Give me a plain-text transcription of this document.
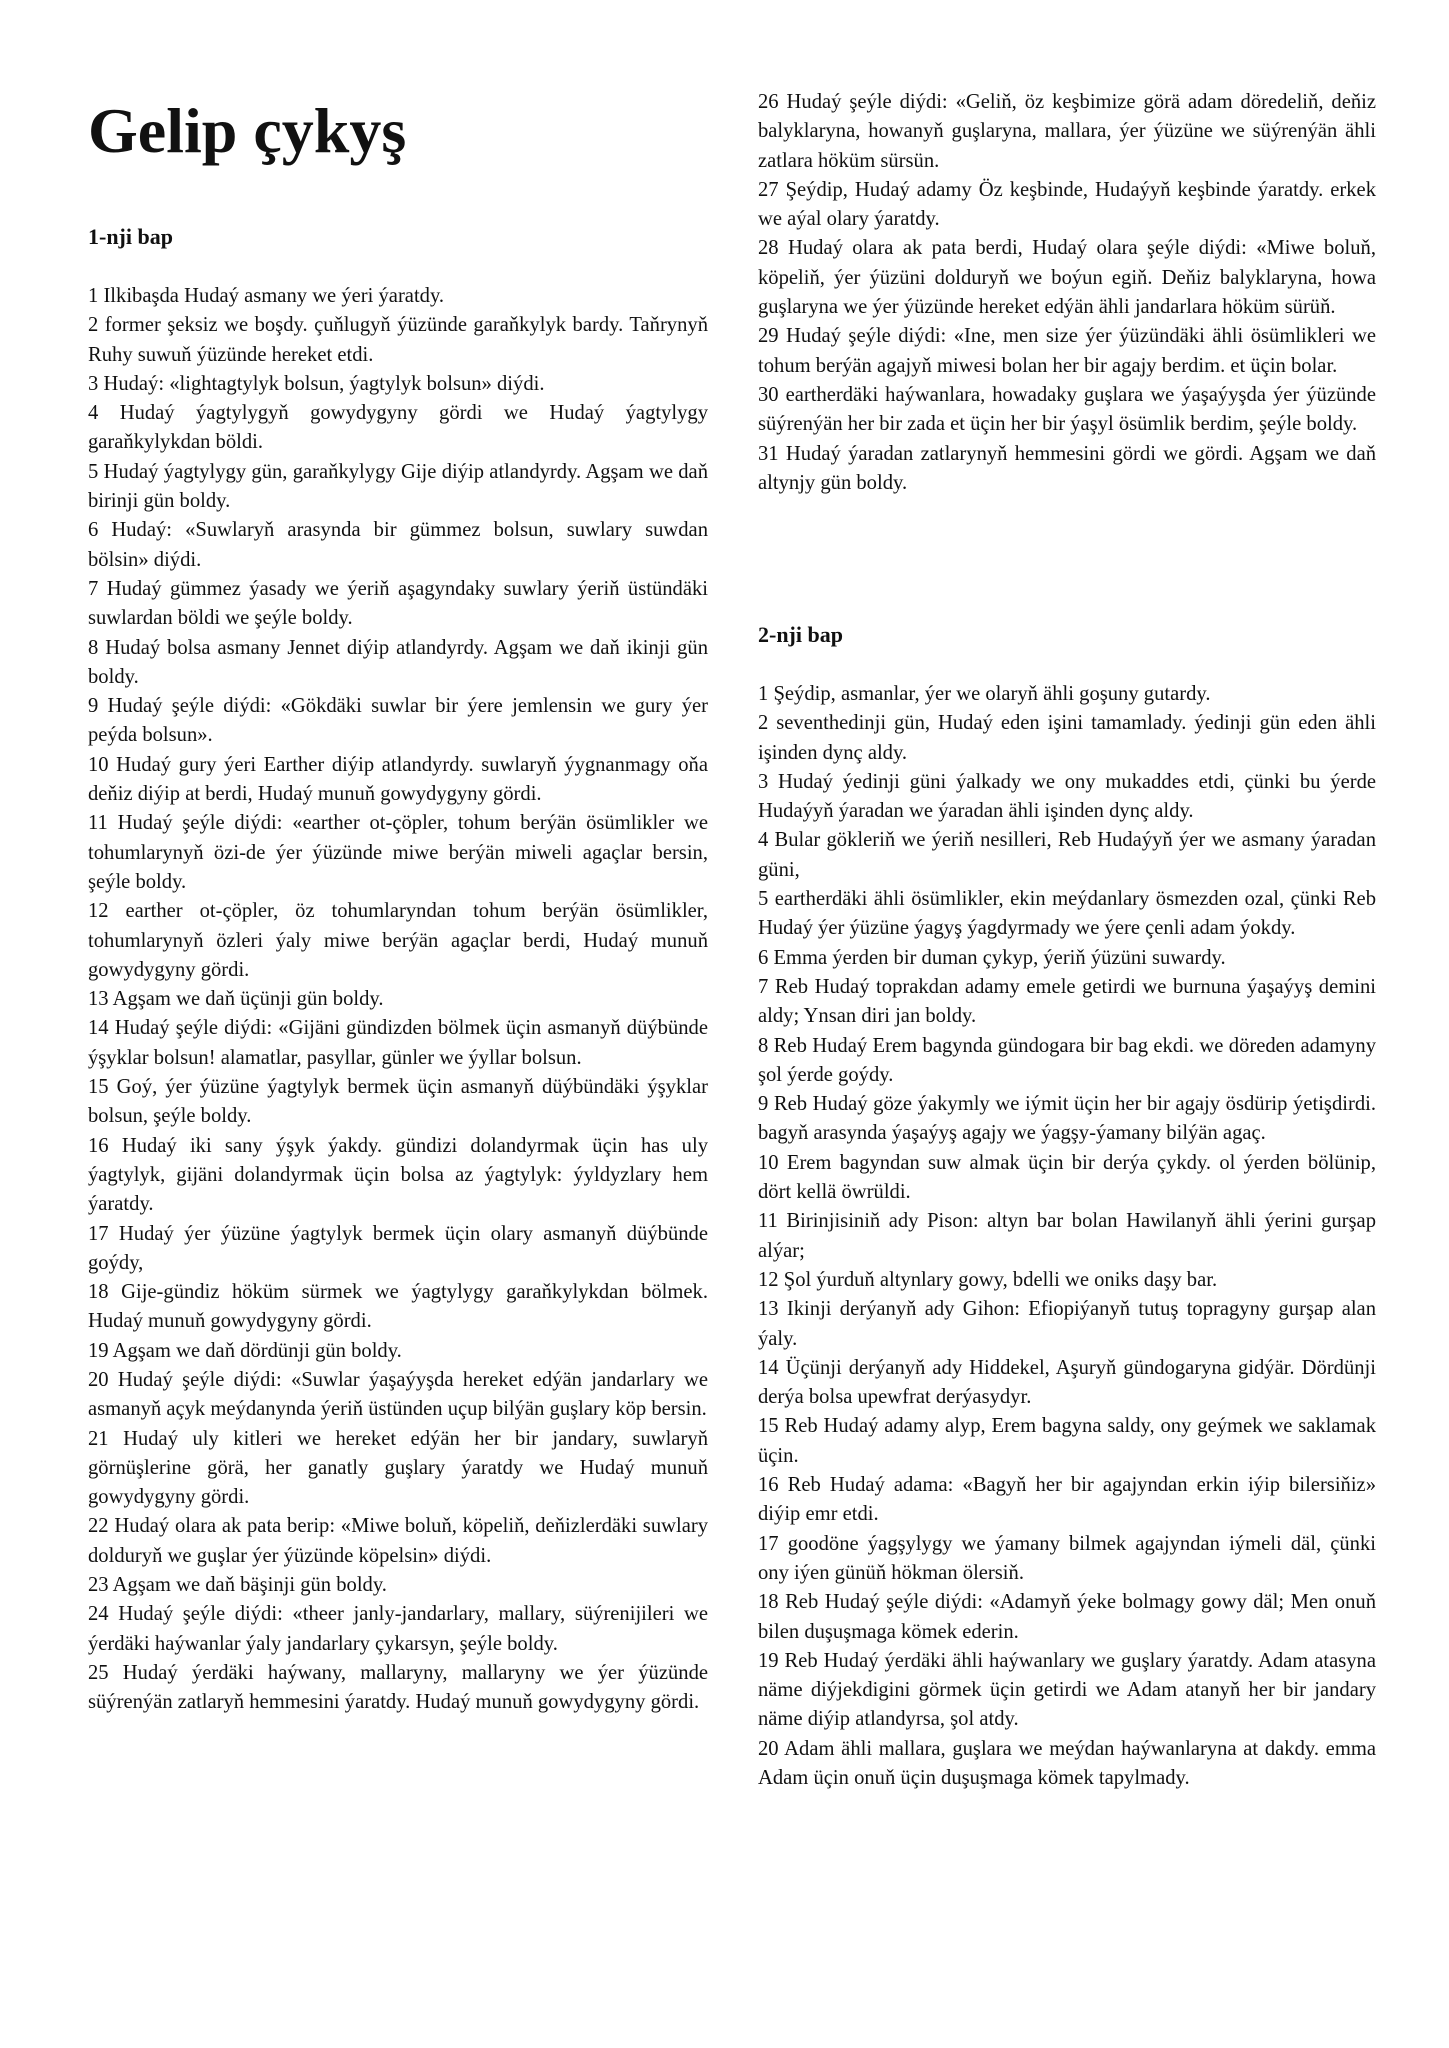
Gelip çykyş
1-nji bap

1 Ilkibaşda Hudaý asmany we ýeri ýaratdy.

2 former şeksiz we boşdy. çuňlugyň ýüzünde garaňkylyk bardy. Taňrynyň Ruhy suwuň ýüzünde hereket etdi.

3 Hudaý: «lightagtylyk bolsun, ýagtylyk bolsun» diýdi.

4 Hudaý ýagtylygyň gowydygyny gördi we Hudaý ýagtylygy garaňkylykdan böldi.

5 Hudaý ýagtylygy gün, garaňkylygy Gije diýip atlandyrdy. Agşam we daň birinji gün boldy.

6 Hudaý: «Suwlaryň arasynda bir gümmez bolsun, suwlary suwdan bölsin» diýdi.

7 Hudaý gümmez ýasady we ýeriň aşagyndaky suwlary ýeriň üstündäki suwlardan böldi we şeýle boldy.

8 Hudaý bolsa asmany Jennet diýip atlandyrdy. Agşam we daň ikinji gün boldy.

9 Hudaý şeýle diýdi: «Gökdäki suwlar bir ýere jemlensin we gury ýer peýda bolsun».

10 Hudaý gury ýeri Earther diýip atlandyrdy. suwlaryň ýygnanmagy oňa deňiz diýip at berdi, Hudaý munuň gowydygyny gördi.

11 Hudaý şeýle diýdi: «earther ot-çöpler, tohum berýän ösümlikler we tohumlarynyň özi-de ýer ýüzünde miwe berýän miweli agaçlar bersin, şeýle boldy.

12 earther ot-çöpler, öz tohumlaryndan tohum berýän ösümlikler, tohumlarynyň özleri ýaly miwe berýän agaçlar berdi, Hudaý munuň gowydygyny gördi.

13 Agşam we daň üçünji gün boldy.

14 Hudaý şeýle diýdi: «Gijäni gündizden bölmek üçin asmanyň düýbünde ýşyklar bolsun! alamatlar, pasyllar, günler we ýyllar bolsun.

15 Goý, ýer ýüzüne ýagtylyk bermek üçin asmanyň düýbündäki ýşyklar bolsun, şeýle boldy.

16 Hudaý iki sany ýşyk ýakdy. gündizi dolandyrmak üçin has uly ýagtylyk, gijäni dolandyrmak üçin bolsa az ýagtylyk: ýyldyzlary hem ýaratdy.

17 Hudaý ýer ýüzüne ýagtylyk bermek üçin olary asmanyň düýbünde goýdy,

18 Gije-gündiz höküm sürmek we ýagtylygy garaňkylykdan bölmek. Hudaý munuň gowydygyny gördi.

19 Agşam we daň dördünji gün boldy.

20 Hudaý şeýle diýdi: «Suwlar ýaşaýyşda hereket edýän jandarlary we asmanyň açyk meýdanynda ýeriň üstünden uçup bilýän guşlary köp bersin.

21 Hudaý uly kitleri we hereket edýän her bir jandary, suwlaryň görnüşlerine görä, her ganatly guşlary ýaratdy we Hudaý munuň gowydygyny gördi.

22 Hudaý olara ak pata berip: «Miwe boluň, köpeliň, deňizlerdäki suwlary dolduryň we guşlar ýer ýüzünde köpelsin» diýdi.

23 Agşam we daň bäşinji gün boldy.

24 Hudaý şeýle diýdi: «theer janly-jandarlary, mallary, süýrenijileri we ýerdäki haýwanlar ýaly jandarlary çykarsyn, şeýle boldy.

25 Hudaý ýerdäki haýwany, mallaryny, mallaryny we ýer ýüzünde süýrenýän zatlaryň hemmesini ýaratdy. Hudaý munuň gowydygyny gördi.

26 Hudaý şeýle diýdi: «Geliň, öz keşbimize görä adam döredeliň, deňiz balyklaryna, howanyň guşlaryna, mallara, ýer ýüzüne we süýrenýän ähli zatlara höküm sürsün.

27 Şeýdip, Hudaý adamy Öz keşbinde, Hudaýyň keşbinde ýaratdy. erkek we aýal olary ýaratdy.

28 Hudaý olara ak pata berdi, Hudaý olara şeýle diýdi: «Miwe boluň, köpeliň, ýer ýüzüni dolduryň we boýun egiň. Deňiz balyklaryna, howa guşlaryna we ýer ýüzünde hereket edýän ähli jandarlara höküm sürüň.

29 Hudaý şeýle diýdi: «Ine, men size ýer ýüzündäki ähli ösümlikleri we tohum berýän agajyň miwesi bolan her bir agajy berdim. et üçin bolar.

30 eartherdäki haýwanlara, howadaky guşlara we ýaşaýyşda ýer ýüzünde süýrenýän her bir zada et üçin her bir ýaşyl ösümlik berdim, şeýle boldy.

31 Hudaý ýaradan zatlarynyň hemmesini gördi we gördi. Agşam we daň altynjy gün boldy.

2-nji bap

1 Şeýdip, asmanlar, ýer we olaryň ähli goşuny gutardy.

2 seventhedinji gün, Hudaý eden işini tamamlady. ýedinji gün eden ähli işinden dynç aldy.

3 Hudaý ýedinji güni ýalkady we ony mukaddes etdi, çünki bu ýerde Hudaýyň ýaradan we ýaradan ähli işinden dynç aldy.

4 Bular gökleriň we ýeriň nesilleri, Reb Hudaýyň ýer we asmany ýaradan güni,

5 eartherdäki ähli ösümlikler, ekin meýdanlary ösmezden ozal, çünki Reb Hudaý ýer ýüzüne ýagyş ýagdyrmady we ýere çenli adam ýokdy.

6 Emma ýerden bir duman çykyp, ýeriň ýüzüni suwardy.

7 Reb Hudaý toprakdan adamy emele getirdi we burnuna ýaşaýyş demini aldy; Ynsan diri jan boldy.

8 Reb Hudaý Erem bagynda gündogara bir bag ekdi. we döreden adamyny şol ýerde goýdy.

9 Reb Hudaý göze ýakymly we iýmit üçin her bir agajy ösdürip ýetişdirdi. bagyň arasynda ýaşaýyş agajy we ýagşy-ýamany bilýän agaç.

10 Erem bagyndan suw almak üçin bir derýa çykdy. ol ýerden bölünip, dört kellä öwrüldi.

11 Birinjisiniň ady Pison: altyn bar bolan Hawilanyň ähli ýerini gurşap alýar;

12 Şol ýurduň altynlary gowy, bdelli we oniks daşy bar.

13 Ikinji derýanyň ady Gihon: Efiopiýanyň tutuş topragyny gurşap alan ýaly.

14 Üçünji derýanyň ady Hiddekel, Aşuryň gündogaryna gidýär. Dördünji derýa bolsa upewfrat derýasydyr.

15 Reb Hudaý adamy alyp, Erem bagyna saldy, ony geýmek we saklamak üçin.

16 Reb Hudaý adama: «Bagyň her bir agajyndan erkin iýip bilersiňiz» diýip emr etdi.

17 goodöne ýagşylygy we ýamany bilmek agajyndan iýmeli däl, çünki ony iýen günüň hökman ölersiň.

18 Reb Hudaý şeýle diýdi: «Adamyň ýeke bolmagy gowy däl; Men onuň bilen duşuşmaga kömek ederin.

19 Reb Hudaý ýerdäki ähli haýwanlary we guşlary ýaratdy. Adam atasyna näme diýjekdigini görmek üçin getirdi we Adam atanyň her bir jandary näme diýip atlandyrsa, şol atdy.

20 Adam ähli mallara, guşlara we meýdan haýwanlaryna at dakdy. emma Adam üçin onuň üçin duşuşmaga kömek tapylmady.
